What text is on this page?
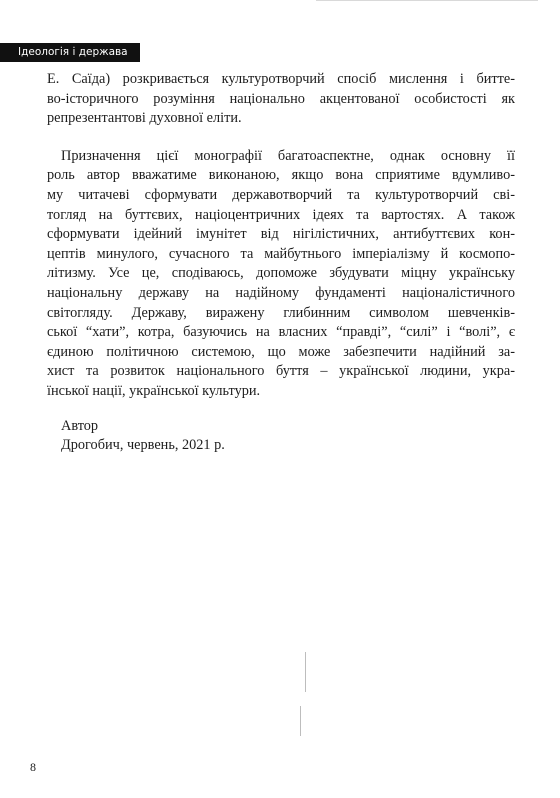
Ідеологія і держава
Е. Саїда) розкривається культуротворчий спосіб мислення і битте-
во-історичного розуміння національно акцентованої особистості як
репрезентантові духовної еліти.
Призначення цієї монографії багатоаспектне, однак основну її
роль автор вважатиме виконаною, якщо вона сприятиме вдумливо-
му читачеві сформувати державотворчий та культуротворчий сві-
тогляд на буттєвих, націоцентричних ідеях та вартостях. А також
сформувати ідейний імунітет від нігілістичних, антибуттєвих кон-
цептів минулого, сучасного та майбутнього імперіалізму й космопо-
літизму. Усе це, сподіваюсь, допоможе збудувати міцну українську
національну державу на надійному фундаменті націоналістичного
світогляду. Державу, виражену глибинним символом шевченків-
ської “хати”, котра, базуючись на власних “правді”, “силі” і “волі”, є
єдиною політичною системою, що може забезпечити надійний за-
хист та розвиток національного буття – української людини, укра-
їнської нації, української культури.
Автор
Дрогобич, червень, 2021 р.
8
